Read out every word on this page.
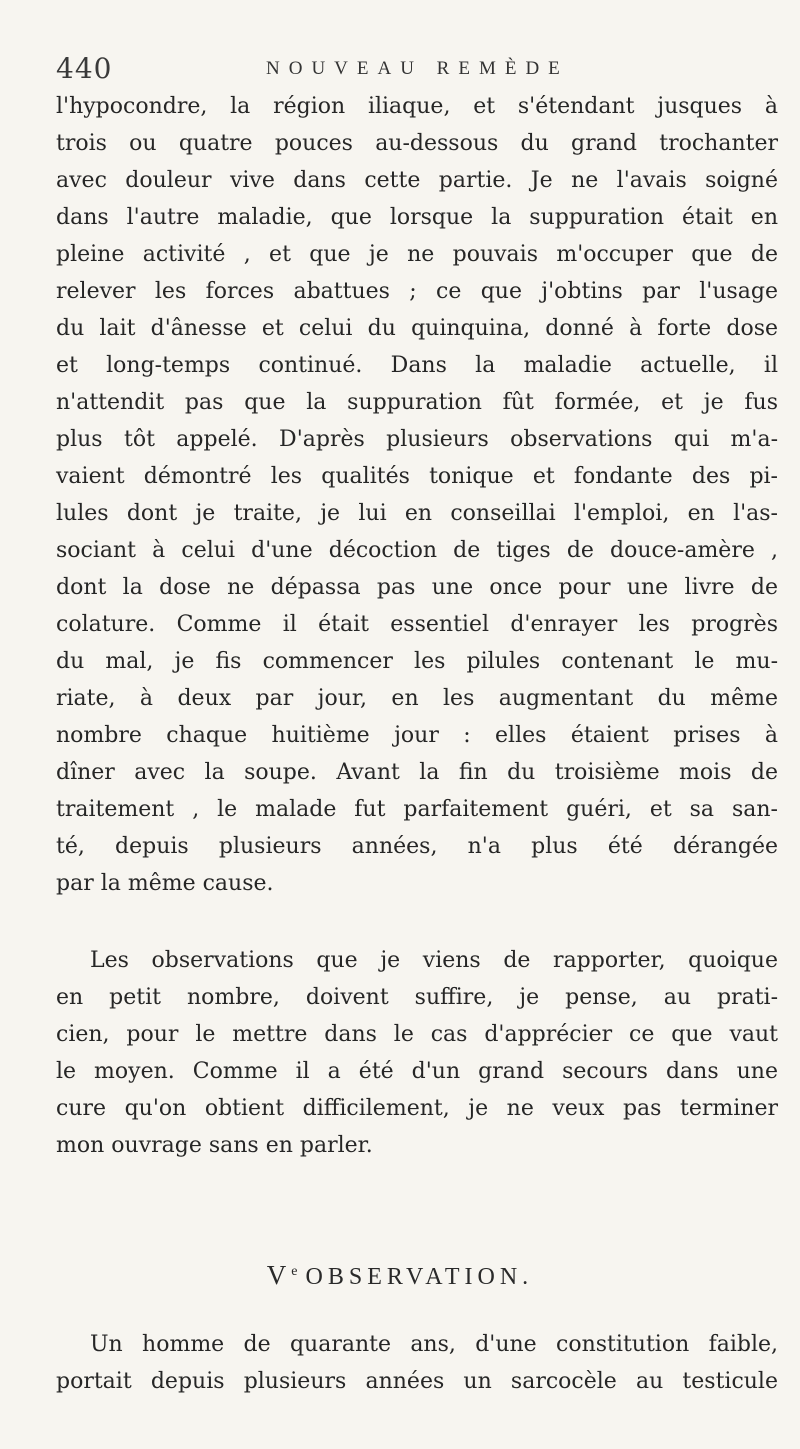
440	NOUVEAU REMÈDE
l'hypocondre, la région iliaque, et s'étendant jusques à
trois ou quatre pouces au-dessous du grand trochanter
avec douleur vive dans cette partie. Je ne l'avais soigné
dans l'autre maladie, que lorsque la suppuration était en
pleine activité , et que je ne pouvais m'occuper que de
relever les forces abattues ; ce que j'obtins par l'usage
du lait d'ânesse et celui du quinquina, donné à forte dose
et long-temps continué. Dans la maladie actuelle, il
n'attendit pas que la suppuration fût formée, et je fus
plus tôt appelé. D'après plusieurs observations qui m'a-
vaient démontré les qualités tonique et fondante des pi-
lules dont je traite, je lui en conseillai l'emploi, en l'as-
sociant à celui d'une décoction de tiges de douce-amère ,
dont la dose ne dépassa pas une once pour une livre de
colature. Comme il était essentiel d'enrayer les progrès
du mal, je fis commencer les pilules contenant le mu-
riate, à deux par jour, en les augmentant du même
nombre chaque huitième jour : elles étaient prises à
dîner avec la soupe. Avant la fin du troisième mois de
traitement , le malade fut parfaitement guéri, et sa san-
té, depuis plusieurs années, n'a plus été dérangée
par la même cause.
Les observations que je viens de rapporter, quoique
en petit nombre, doivent suffire, je pense, au prati-
cien, pour le mettre dans le cas d'apprécier ce que vaut
le moyen. Comme il a été d'un grand secours dans une
cure qu'on obtient difficilement, je ne veux pas terminer
mon ouvrage sans en parler.
Ve OBSERVATION.
Un homme de quarante ans, d'une constitution faible,
portait depuis plusieurs années un sarcocèle au testicule
